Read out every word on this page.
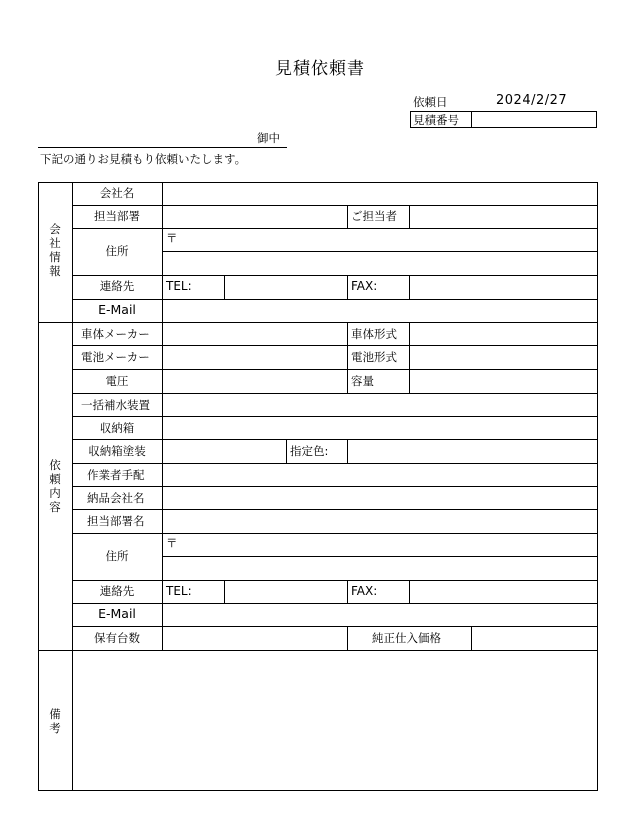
見積依頼書
依頼日	2024/2/27
見積番号
御中
下記の通りお見積もり依頼いたします。
会
社
情
報
会社名
担当部署	ご担当者
住所
〒
連絡先	TEL:	FAX:
E-Mail
依
頼
内
容
車体メーカー	車体形式
電池メーカー	電池形式
電圧	容量
一括補水装置
収納箱
収納箱塗装	指定色:
作業者手配
納品会社名
担当部署名
住所
〒
連絡先	TEL:	FAX:
E-Mail
保有台数	純正仕入価格
備
考
